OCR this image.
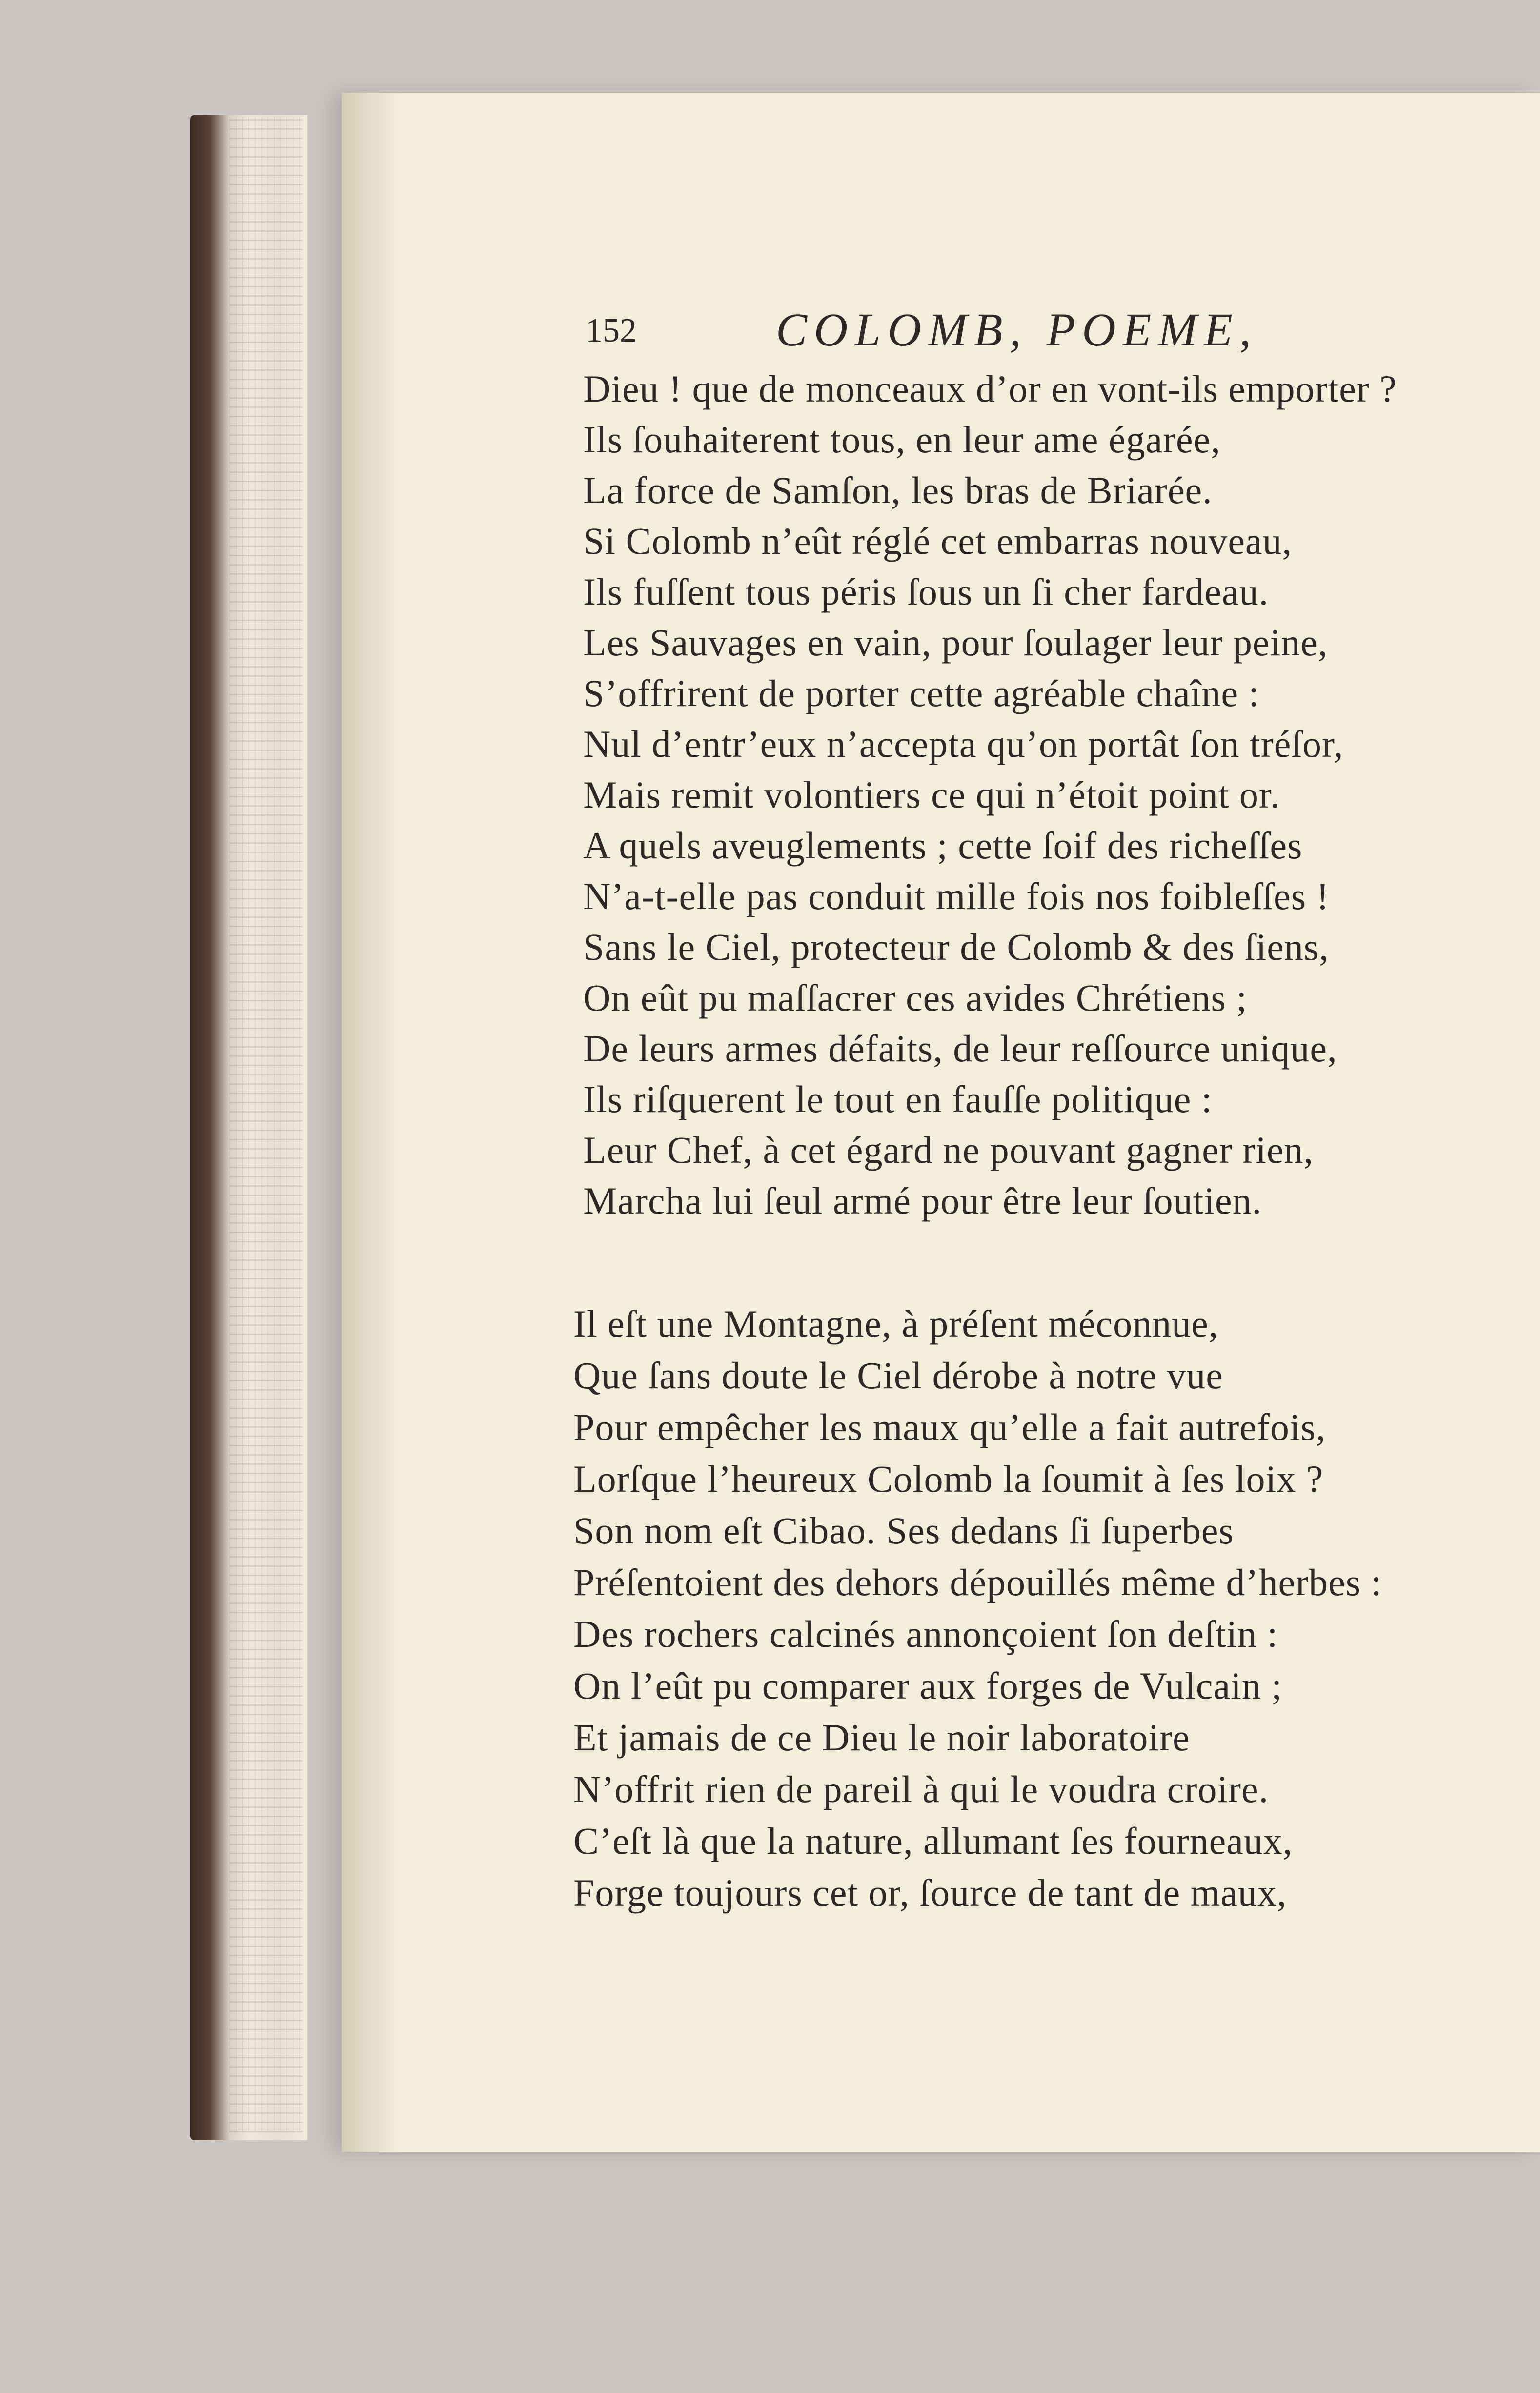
152	COLOMB, POEME,
Dieu ! que de monceaux d’or en vont-ils emporter ?
Ils ſouhaiterent tous, en leur ame égarée,
La force de Samſon, les bras de Briarée.
Si Colomb n’eût réglé cet embarras nouveau,
Ils fuſſent tous péris ſous un ſi cher fardeau.
Les Sauvages en vain, pour ſoulager leur peine,
S’offrirent de porter cette agréable chaîne :
Nul d’entr’eux n’accepta qu’on portât ſon tréſor,
Mais remit volontiers ce qui n’étoit point or.
A quels aveuglements ; cette ſoif des richeſſes
N’a-t-elle pas conduit mille fois nos foibleſſes !
Sans le Ciel, protecteur de Colomb & des ſiens,
On eût pu maſſacrer ces avides Chrétiens ;
De leurs armes défaits, de leur reſſource unique,
Ils riſquerent le tout en fauſſe politique :
Leur Chef, à cet égard ne pouvant gagner rien,
Marcha lui ſeul armé pour être leur ſoutien.
Il eſt une Montagne, à préſent méconnue,
Que ſans doute le Ciel dérobe à notre vue
Pour empêcher les maux qu’elle a fait autrefois,
Lorſque l’heureux Colomb la ſoumit à ſes loix ?
Son nom eſt Cibao. Ses dedans ſi ſuperbes
Préſentoient des dehors dépouillés même d’herbes :
Des rochers calcinés annonçoient ſon deſtin :
On l’eût pu comparer aux forges de Vulcain ;
Et jamais de ce Dieu le noir laboratoire
N’offrit rien de pareil à qui le voudra croire.
C’eſt là que la nature, allumant ſes fourneaux,
Forge toujours cet or, ſource de tant de maux,
